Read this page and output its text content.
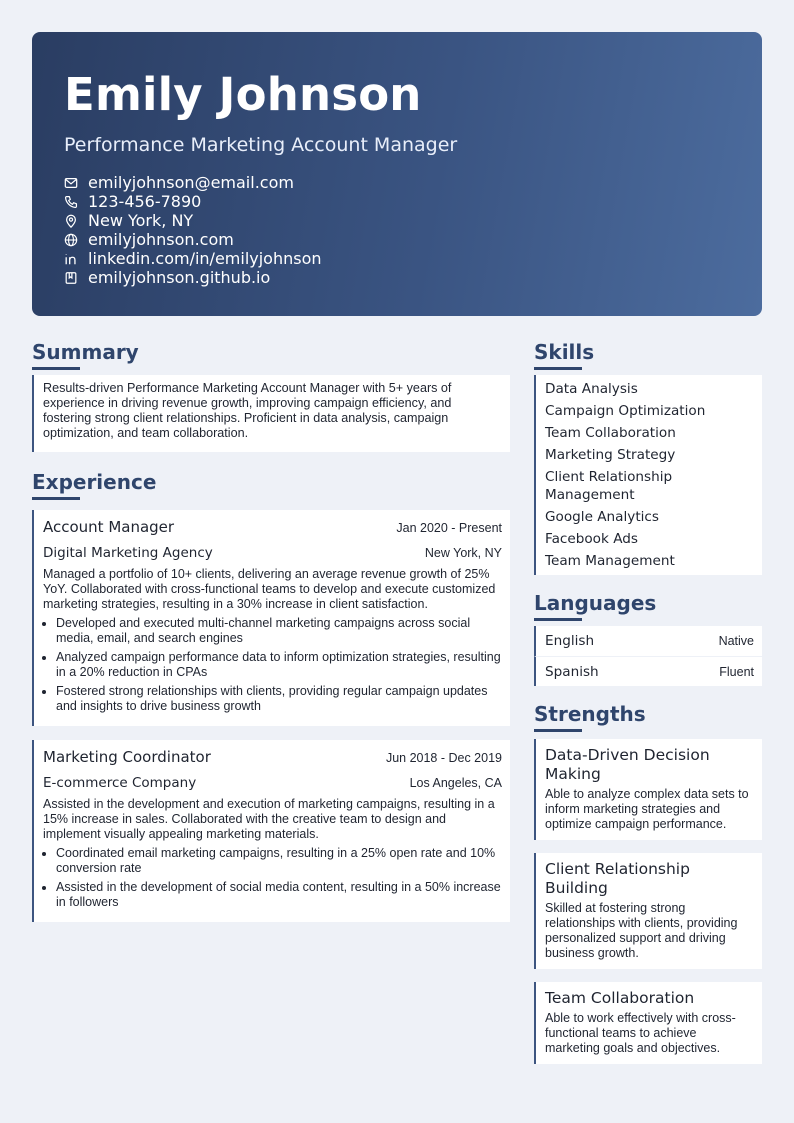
Emily Johnson
Performance Marketing Account Manager
emilyjohnson@email.com
123-456-7890
New York, NY
emilyjohnson.com
linkedin.com/in/emilyjohnson
emilyjohnson.github.io
Summary
Results-driven Performance Marketing Account Manager with 5+ years of experience in driving revenue growth, improving campaign efficiency, and fostering strong client relationships. Proficient in data analysis, campaign optimization, and team collaboration.
Experience
Account Manager	Jan 2020 - Present
Digital Marketing Agency	New York, NY
Managed a portfolio of 10+ clients, delivering an average revenue growth of 25% YoY. Collaborated with cross-functional teams to develop and execute customized marketing strategies, resulting in a 30% increase in client satisfaction.
• Developed and executed multi-channel marketing campaigns across social media, email, and search engines
• Analyzed campaign performance data to inform optimization strategies, resulting in a 20% reduction in CPAs
• Fostered strong relationships with clients, providing regular campaign updates and insights to drive business growth
Marketing Coordinator	Jun 2018 - Dec 2019
E-commerce Company	Los Angeles, CA
Assisted in the development and execution of marketing campaigns, resulting in a 15% increase in sales. Collaborated with the creative team to design and implement visually appealing marketing materials.
• Coordinated email marketing campaigns, resulting in a 25% open rate and 10% conversion rate
• Assisted in the development of social media content, resulting in a 50% increase in followers
Skills
Data Analysis
Campaign Optimization
Team Collaboration
Marketing Strategy
Client Relationship Management
Google Analytics
Facebook Ads
Team Management
Languages
English	Native
Spanish	Fluent
Strengths
Data-Driven Decision Making
Able to analyze complex data sets to inform marketing strategies and optimize campaign performance.
Client Relationship Building
Skilled at fostering strong relationships with clients, providing personalized support and driving business growth.
Team Collaboration
Able to work effectively with cross-functional teams to achieve marketing goals and objectives.
